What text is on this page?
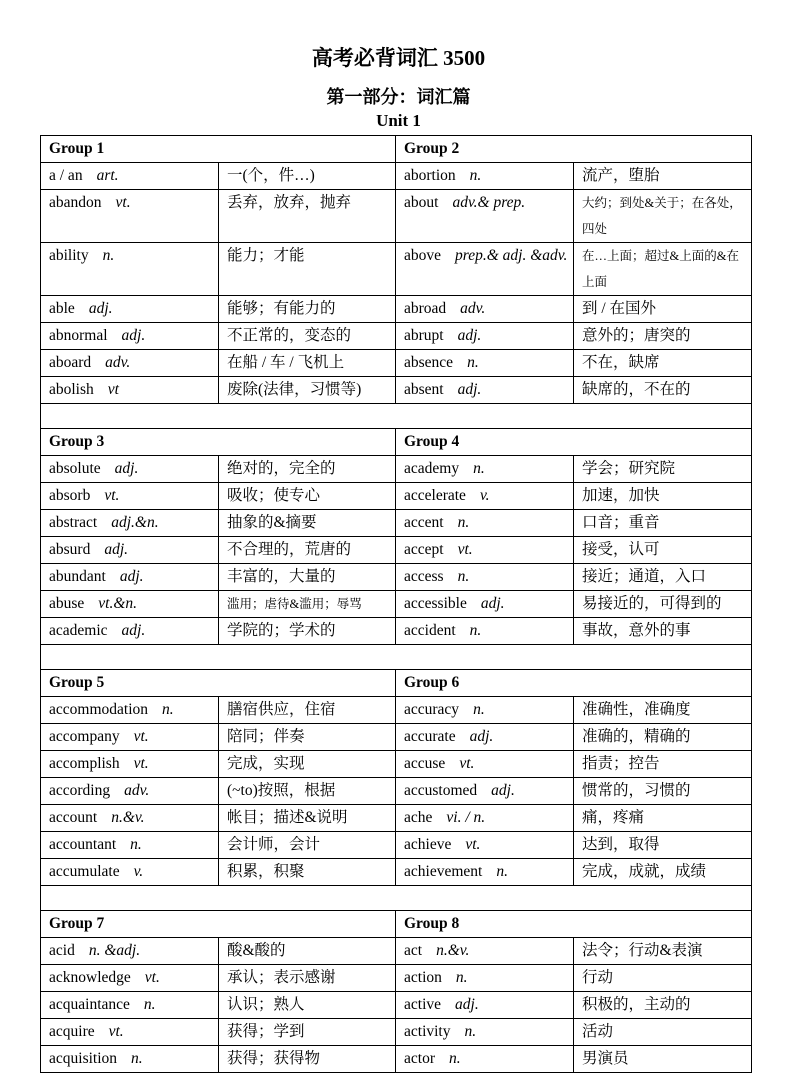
高考必背词汇 3500
第一部分：词汇篇
Unit 1
Group 1		Group 2	
a / an art.	一(个，件…)	abortion n.	流产，堕胎
abandon vt.	丢弃，放弃，抛弃	about adv.& prep.	大约；到处&关于；在各处，四处
ability n.	能力；才能	above prep.& adj. &adv.	在…上面；超过&上面的&在上面
able adj.	能够；有能力的	abroad adv.	到 / 在国外
abnormal adj.	不正常的，变态的	abrupt adj.	意外的；唐突的
aboard adv.	在船 / 车 / 飞机上	absence n.	不在，缺席
abolish vt	废除(法律，习惯等)	absent adj.	缺席的，不在的

Group 3		Group 4	
absolute adj.	绝对的，完全的	academy n.	学会；研究院
absorb vt.	吸收；使专心	accelerate v.	加速，加快
abstract adj.&n.	抽象的&摘要	accent n.	口音；重音
absurd adj.	不合理的，荒唐的	accept vt.	接受，认可
abundant adj.	丰富的，大量的	access n.	接近；通道，入口
abuse vt.&n.	滥用；虐待&滥用；辱骂	accessible adj.	易接近的，可得到的
academic adj.	学院的；学术的	accident n.	事故，意外的事

Group 5		Group 6	
accommodation n.	膳宿供应，住宿	accuracy n.	准确性，准确度
accompany vt.	陪同；伴奏	accurate adj.	准确的，精确的
accomplish vt.	完成，实现	accuse vt.	指责；控告
according adv.	(~to)按照，根据	accustomed adj.	惯常的，习惯的
account n.&v.	帐目；描述&说明	ache vi. / n.	痛，疼痛
accountant n.	会计师，会计	achieve vt.	达到，取得
accumulate v.	积累，积聚	achievement n.	完成，成就，成绩

Group 7		Group 8	
acid n. &adj.	酸&酸的	act n.&v.	法令；行动&表演
acknowledge vt.	承认；表示感谢	action n.	行动
acquaintance n.	认识；熟人	active adj.	积极的，主动的
acquire vt.	获得；学到	activity n.	活动
acquisition n.	获得；获得物	actor n.	男演员
